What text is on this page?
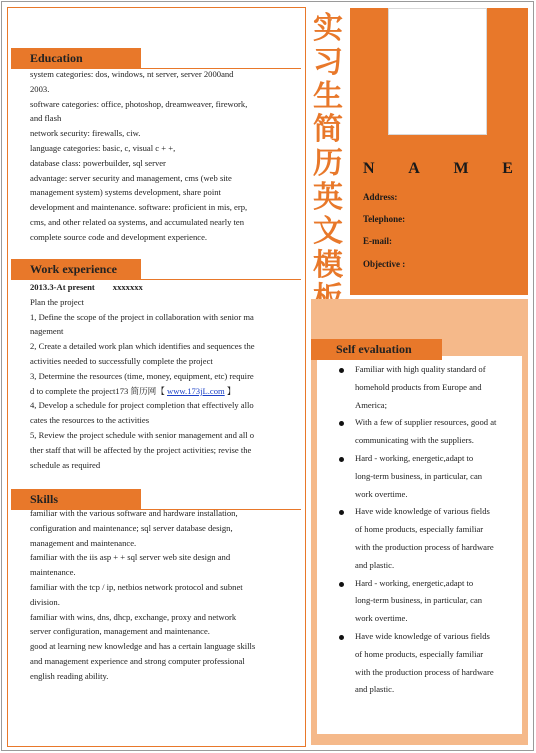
Education

system categories: dos, windows, nt server, server 2000and

2003.

software categories: office, photoshop, dreamweaver, firework,

and flash

network security: firewalls, ciw.

language categories: basic, c, visual c + +,

database class: powerbuilder, sql server

advantage: server security and management, cms (web site

management system) systems development, share point

development and maintenance. software: proficient in mis, erp,

cms, and other related oa systems, and accumulated nearly ten

complete source code and development experience.

Work experience

2013.3-At present xxxxxxx

Plan the project

1, Define the scope of the project in collaboration with senior ma

nagement

2, Create a detailed work plan which identifies and sequences the

activities needed to successfully complete the project

3, Determine the resources (time, money, equipment, etc) require

d to complete the project173 简历网【 www.173jL.com 】

4, Develop a schedule for project completion that effectively allo

cates the resources to the activities

5, Review the project schedule with senior management and all o

ther staff that will be affected by the project activities; revise the

schedule as required

Skills

familiar with the various software and hardware installation,

configuration and maintenance; sql server database design,

management and maintenance.

familiar with the iis asp + + sql server web site design and

maintenance.

familiar with the tcp / ip, netbios network protocol and subnet

division.

familiar with wins, dns, dhcp, exchange, proxy and network

server configuration, management and maintenance.

good at learning new knowledge and has a certain language skills

and management experience and strong computer professional

english reading ability.

实
习
生
简
历
英
文
模
N A M E
Address:
Telephone:
E-mail:
Objective :
Familiar with high quality standard of
homehold products from Europe and
America;
With a few of supplier resources, good at
communicating with the suppliers.
Hard - working, energetic,adapt to
long-term business, in particular, can
work overtime.
Have wide knowledge of various fields
of home products, especially familiar
with the production process of hardware
and plastic.
Hard - working, energetic,adapt to
long-term business, in particular, can
work overtime.
Have wide knowledge of various fields
of home products, especially familiar
with the production process of hardware
and plastic.
Self evaluation
